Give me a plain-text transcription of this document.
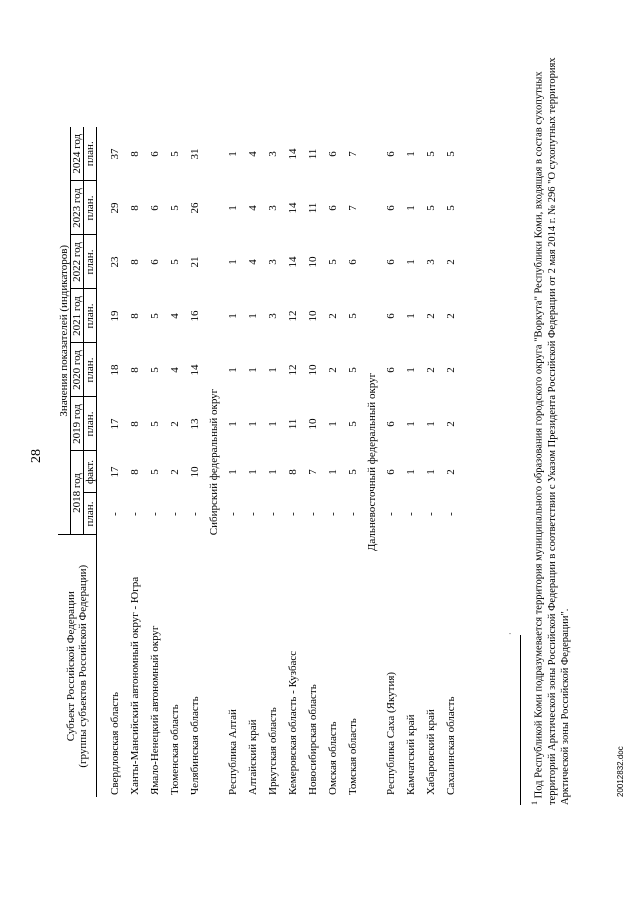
28
Субъект Российской Федерации (группы субъектов Российской Федерации)	Значения показателей (индикаторов)							
	2018 год		2019 год	2020 год	2021 год	2022 год	2023 год	2024 год
	план.	факт.	план.	план.	план.	план.	план.	план.

Свердловская область	-	17	17	18	19	23	29	37
Ханты-Мансийский автономный округ - Югра	-	8	8	8	8	8	8	8
Ямало-Ненецкий автономный округ	-	5	5	5	5	6	6	6
Тюменская область	-	2	2	4	4	5	5	5
Челябинская область	-	10	13	14	16	21	26	31
Сибирский федеральный округ								
Республика Алтай	-	1	1	1	1	1	1	1
Алтайский край	-	1	1	1	1	4	4	4
Иркутская область	-	1	1	1	3	3	3	3
Кемеровская область - Кузбасс	-	8	11	12	12	14	14	14
Новосибирская область	-	7	10	10	10	10	11	11
Омская область	-	1	1	2	2	5	6	6
Томская область	-	5	5	5	5	6	7	7
Дальневосточный федеральный округ								
Республика Саха (Якутия)	-	6	6	6	6	6	6	6
Камчатский край	-	1	1	1	1	1	1	1
Хабаровский край	-	1	1	2	2	3	5	5
Сахалинская область	-	2	2	2	2	2	5	5
·
$^1$ Под Республикой Коми подразумевается территория муниципального образования городского округа "Воркута" Республики Коми, входящая в состав сухопутных территорий Арктической зоны Российской Федерации в соответствии с Указом Президента Российской Федерации от 2 мая 2014 г. № 296 "О сухопутных территориях Арктической зоны Российской Федерации".	20012832.doc
